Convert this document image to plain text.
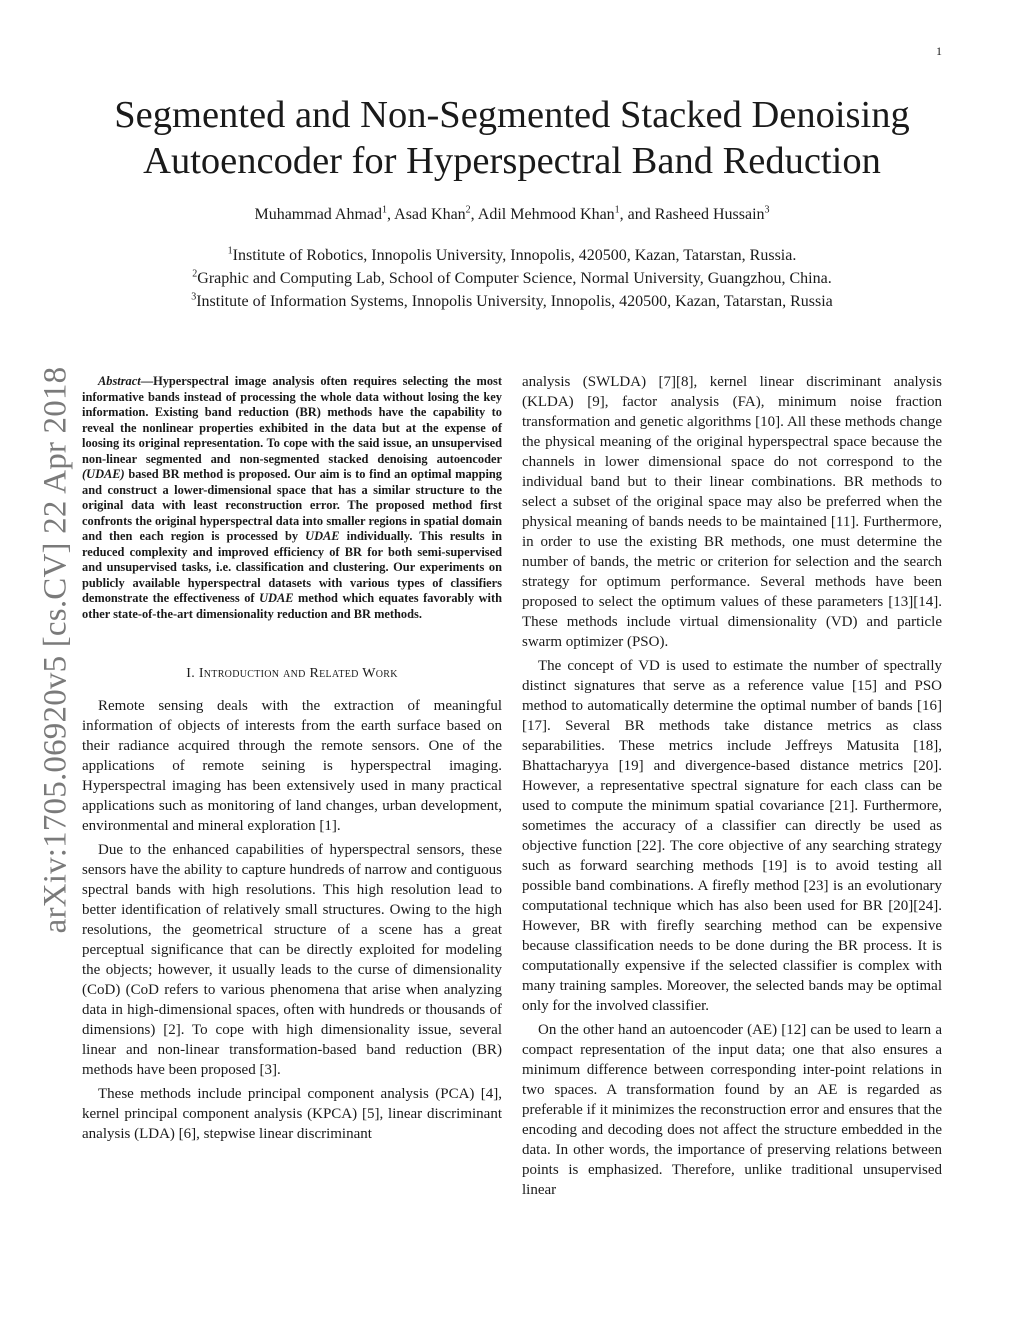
1
arXiv:1705.06920v5 [cs.CV] 22 Apr 2018
Segmented and Non-Segmented Stacked Denoising Autoencoder for Hyperspectral Band Reduction
Muhammad Ahmad$^1$, Asad Khan$^2$, Adil Mehmood Khan$^1$, and Rasheed Hussain$^3$
$^1$Institute of Robotics, Innopolis University, Innopolis, 420500, Kazan, Tatarstan, Russia.
$^2$Graphic and Computing Lab, School of Computer Science, Normal University, Guangzhou, China.
$^3$Institute of Information Systems, Innopolis University, Innopolis, 420500, Kazan, Tatarstan, Russia

Abstract—Hyperspectral image analysis often requires selecting the most informative bands instead of processing the whole data without losing the key information. Existing band reduction (BR) methods have the capability to reveal the nonlinear properties exhibited in the data but at the expense of loosing its original representation. To cope with the said issue, an unsupervised non-linear segmented and non-segmented stacked denoising autoencoder (UDAE) based BR method is proposed. Our aim is to find an optimal mapping and construct a lower-dimensional space that has a similar structure to the original data with least reconstruction error. The proposed method first confronts the original hyperspectral data into smaller regions in spatial domain and then each region is processed by UDAE individually. This results in reduced complexity and improved efficiency of BR for both semi-supervised and unsupervised tasks, i.e. classification and clustering. Our experiments on publicly available hyperspectral datasets with various types of classifiers demonstrate the effectiveness of UDAE method which equates favorably with other state-of-the-art dimensionality reduction and BR methods.

I. Introduction and Related Work

Remote sensing deals with the extraction of meaningful information of objects of interests from the earth surface based on their radiance acquired through the remote sensors. One of the applications of remote seining is hyperspectral imaging. Hyperspectral imaging has been extensively used in many practical applications such as monitoring of land changes, urban development, environmental and mineral exploration [1].

Due to the enhanced capabilities of hyperspectral sensors, these sensors have the ability to capture hundreds of narrow and contiguous spectral bands with high resolutions. This high resolution lead to better identification of relatively small structures. Owing to the high resolutions, the geometrical structure of a scene has a great perceptual significance that can be directly exploited for modeling the objects; however, it usually leads to the curse of dimensionality (CoD) (CoD refers to various phenomena that arise when analyzing data in high-dimensional spaces, often with hundreds or thousands of dimensions) [2]. To cope with high dimensionality issue, several linear and non-linear transformation-based band reduction (BR) methods have been proposed [3].

These methods include principal component analysis (PCA) [4], kernel principal component analysis (KPCA) [5], linear discriminant analysis (LDA) [6], stepwise linear discriminant

analysis (SWLDA) [7][8], kernel linear discriminant analysis (KLDA) [9], factor analysis (FA), minimum noise fraction transformation and genetic algorithms [10]. All these methods change the physical meaning of the original hyperspectral space because the channels in lower dimensional space do not correspond to the individual band but to their linear combinations. BR methods to select a subset of the original space may also be preferred when the physical meaning of bands needs to be maintained [11]. Furthermore, in order to use the existing BR methods, one must determine the number of bands, the metric or criterion for selection and the search strategy for optimum performance. Several methods have been proposed to select the optimum values of these parameters [13][14]. These methods include virtual dimensionality (VD) and particle swarm optimizer (PSO).

The concept of VD is used to estimate the number of spectrally distinct signatures that serve as a reference value [15] and PSO method to automatically determine the optimal number of bands [16][17]. Several BR methods take distance metrics as class separabilities. These metrics include Jeffreys Matusita [18], Bhattacharyya [19] and divergence-based distance metrics [20]. However, a representative spectral signature for each class can be used to compute the minimum spatial covariance [21]. Furthermore, sometimes the accuracy of a classifier can directly be used as objective function [22]. The core objective of any searching strategy such as forward searching methods [19] is to avoid testing all possible band combinations. A firefly method [23] is an evolutionary computational technique which has also been used for BR [20][24]. However, BR with firefly searching method can be expensive because classification needs to be done during the BR process. It is computationally expensive if the selected classifier is complex with many training samples. Moreover, the selected bands may be optimal only for the involved classifier.

On the other hand an autoencoder (AE) [12] can be used to learn a compact representation of the input data; one that also ensures a minimum difference between corresponding inter-point relations in two spaces. A transformation found by an AE is regarded as preferable if it minimizes the reconstruction error and ensures that the encoding and decoding does not affect the structure embedded in the data. In other words, the importance of preserving relations between points is emphasized. Therefore, unlike traditional unsupervised linear
